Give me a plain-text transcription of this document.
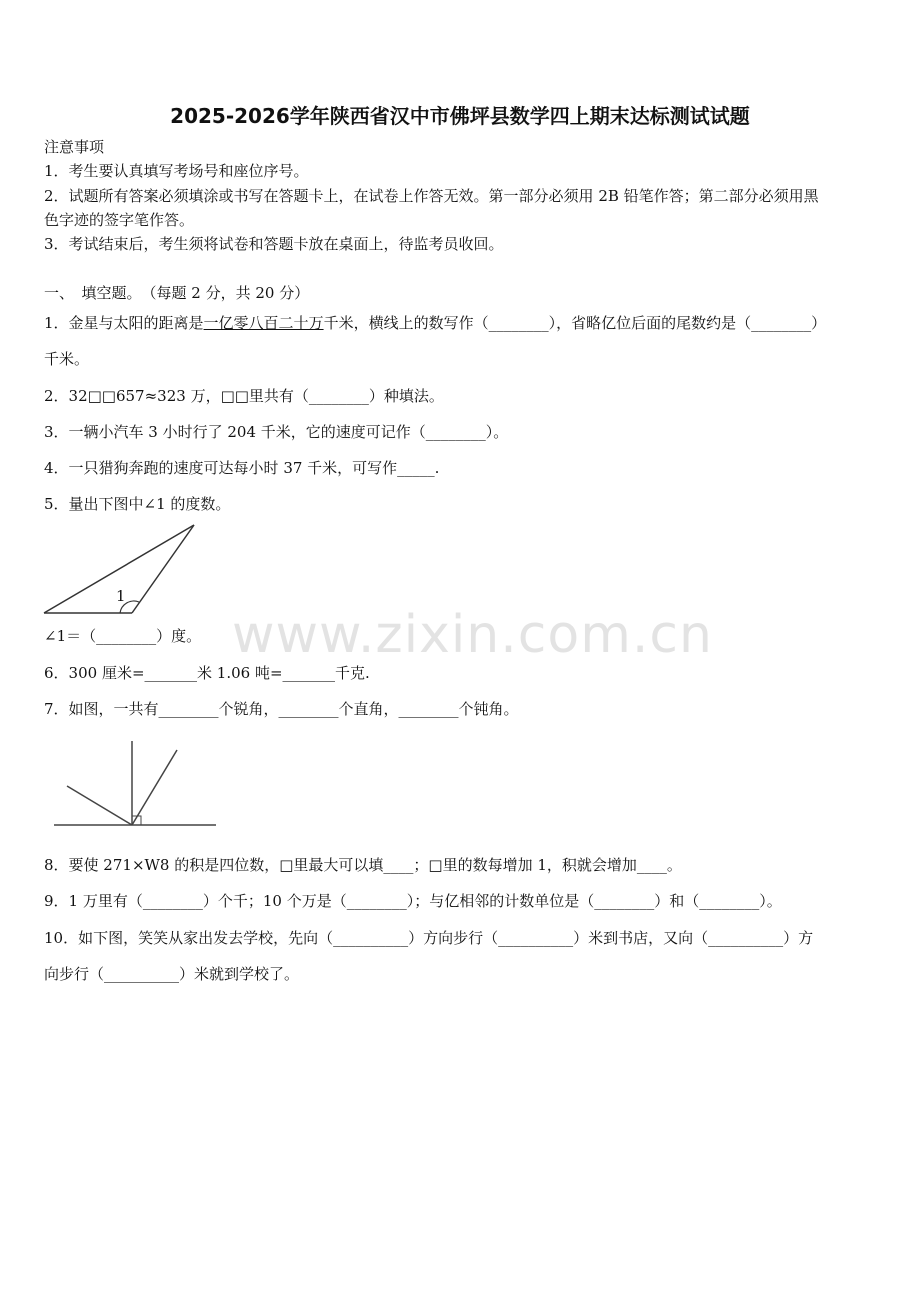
2025-2026学年陕西省汉中市佛坪县数学四上期末达标测试试题
注意事项
1．考生要认真填写考场号和座位序号。
2．试题所有答案必须填涂或书写在答题卡上，在试卷上作答无效。第一部分必须用 2B 铅笔作答；第二部分必须用黑
色字迹的签字笔作答。
3．考试结束后，考生须将试卷和答题卡放在桌面上，待监考员收回。
一、　填空题。　（每题 2 分，共 20 分）
1．金星与太阳的距离是一亿零八百二十万千米，横线上的数写作（________），省略亿位后面的尾数约是（________）
千米。
2．32□□657≈323 万，□□里共有（________）种填法。
3．一辆小汽车 3 小时行了 204 千米，它的速度可记作（________）。
4．一只猎狗奔跑的速度可达每小时 37 千米，可写作_____.
5．量出下图中∠1 的度数。
1
∠1＝（________）度。 www.zixin.com.cn
6．300 厘米=_______米 1.06 吨=_______千克.
7．如图，一共有________个锐角，________个直角，________个钝角。
8．要使 271×W8 的积是四位数，□里最大可以填____；□里的数每增加 1，积就会增加____。
9．1 万里有（________）个千；10 个万是（________）；与亿相邻的计数单位是（________）和（________）。
10．如下图，笑笑从家出发去学校，先向（__________）方向步行（__________）米到书店，又向（__________）方
向步行（__________）米就到学校了。
